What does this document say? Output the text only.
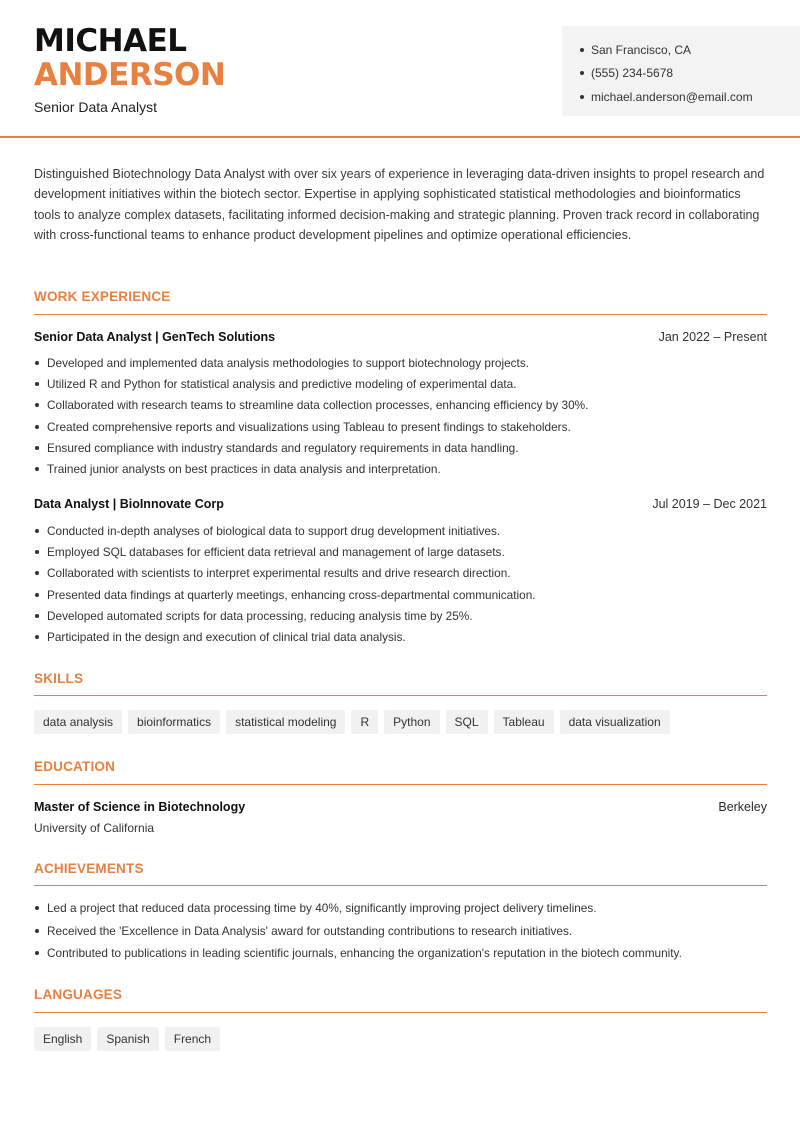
MICHAEL
ANDERSON
Senior Data Analyst
San Francisco, CA
(555) 234-5678
michael.anderson@email.com

Distinguished Biotechnology Data Analyst with over six years of experience in leveraging data-driven insights to propel research and development initiatives within the biotech sector. Expertise in applying sophisticated statistical methodologies and bioinformatics tools to analyze complex datasets, facilitating informed decision-making and strategic planning. Proven track record in collaborating with cross-functional teams to enhance product development pipelines and optimize operational efficiencies.

WORK EXPERIENCE
Senior Data Analyst | GenTech Solutions	Jan 2022 – Present
Developed and implemented data analysis methodologies to support biotechnology projects.
Utilized R and Python for statistical analysis and predictive modeling of experimental data.
Collaborated with research teams to streamline data collection processes, enhancing efficiency by 30%.
Created comprehensive reports and visualizations using Tableau to present findings to stakeholders.
Ensured compliance with industry standards and regulatory requirements in data handling.
Trained junior analysts on best practices in data analysis and interpretation.
Data Analyst | BioInnovate Corp	Jul 2019 – Dec 2021
Conducted in-depth analyses of biological data to support drug development initiatives.
Employed SQL databases for efficient data retrieval and management of large datasets.
Collaborated with scientists to interpret experimental results and drive research direction.
Presented data findings at quarterly meetings, enhancing cross-departmental communication.
Developed automated scripts for data processing, reducing analysis time by 25%.
Participated in the design and execution of clinical trial data analysis.
SKILLS
data analysis	bioinformatics	statistical modeling	R	Python	SQL	Tableau	data visualization
EDUCATION
Master of Science in Biotechnology	Berkeley
University of California
ACHIEVEMENTS
Led a project that reduced data processing time by 40%, significantly improving project delivery timelines.
Received the 'Excellence in Data Analysis' award for outstanding contributions to research initiatives.
Contributed to publications in leading scientific journals, enhancing the organization's reputation in the biotech community.
LANGUAGES
English	Spanish	French
